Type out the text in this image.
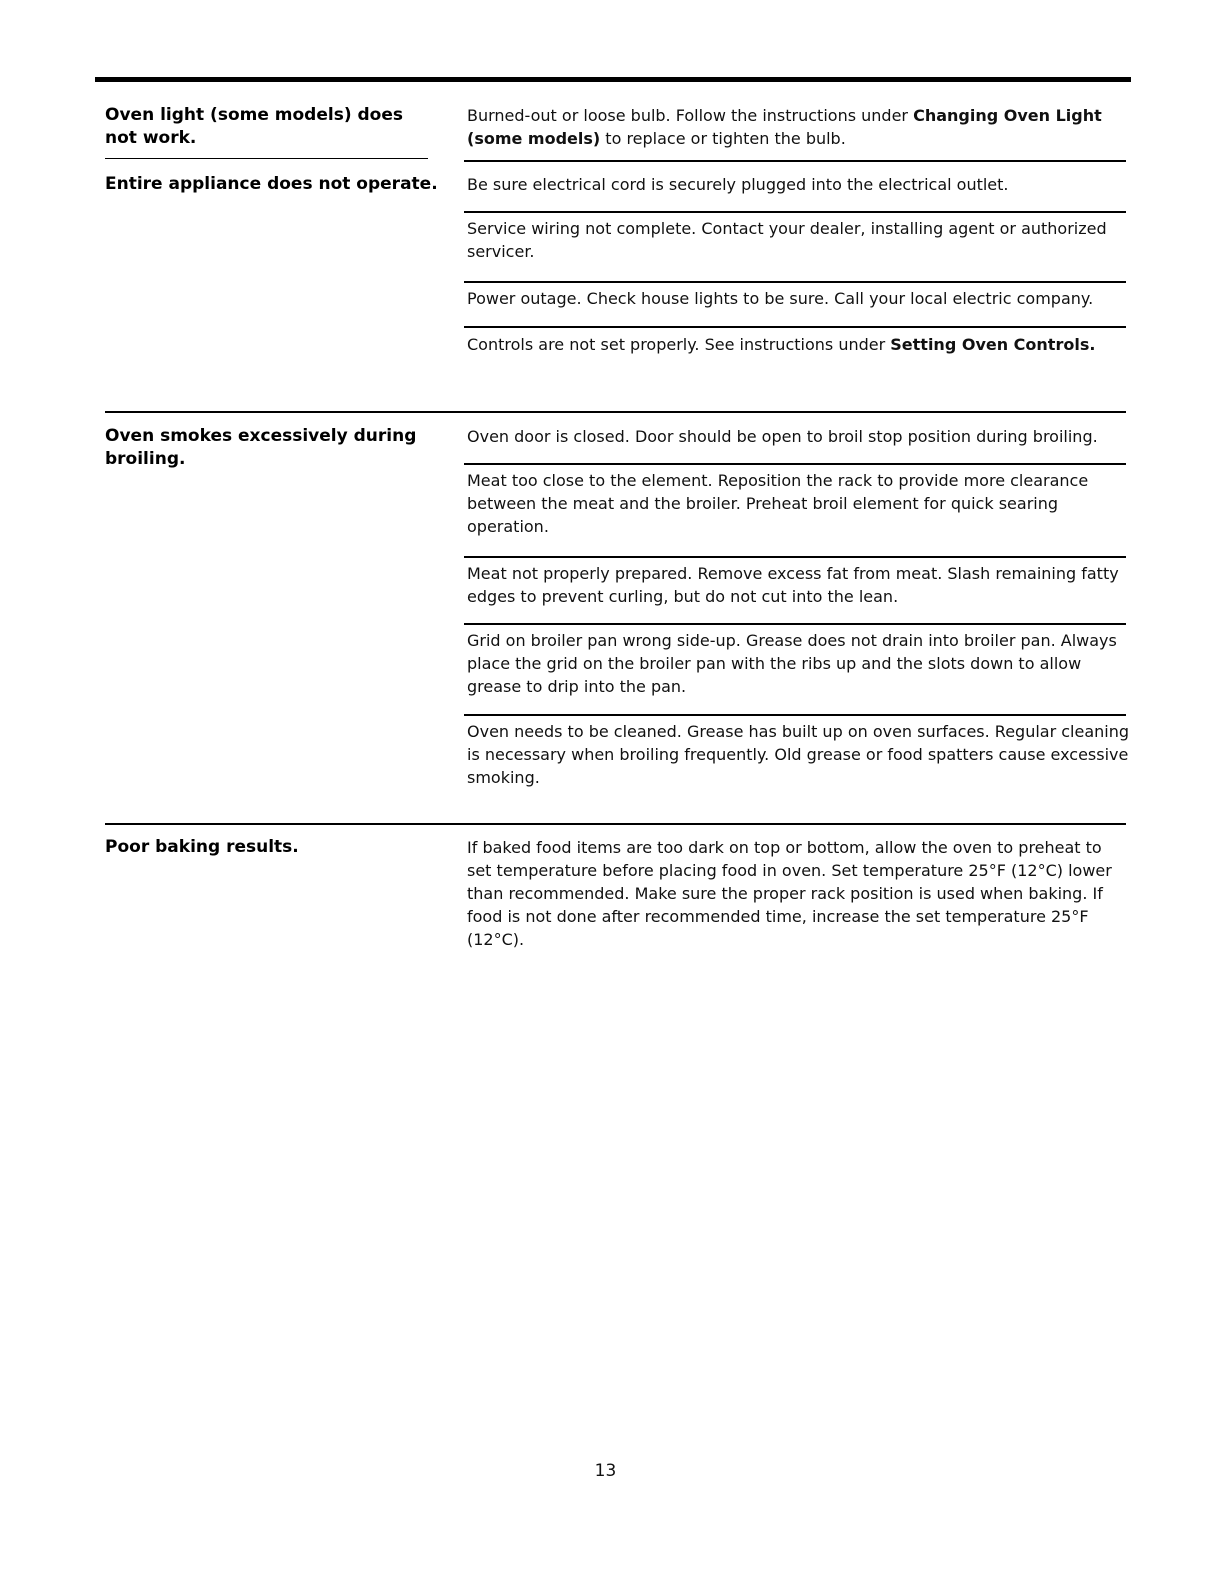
Oven light (some models) does not work.
Burned-out or loose bulb. Follow the instructions under Changing Oven Light (some models) to replace or tighten the bulb.
Entire appliance does not operate. Be sure electrical cord is securely plugged into the electrical outlet.
Service wiring not complete. Contact your dealer, installing agent or authorized servicer.
Power outage. Check house lights to be sure. Call your local electric company.
Controls are not set properly. See instructions under Setting Oven Controls.
Oven smokes excessively during broiling.
Oven door is closed. Door should be open to broil stop position during broiling.
Meat too close to the element. Reposition the rack to provide more clearance between the meat and the broiler. Preheat broil element for quick searing operation.
Meat not properly prepared. Remove excess fat from meat. Slash remaining fatty edges to prevent curling, but do not cut into the lean.
Grid on broiler pan wrong side-up. Grease does not drain into broiler pan. Always place the grid on the broiler pan with the ribs up and the slots down to allow grease to drip into the pan.
Oven needs to be cleaned. Grease has built up on oven surfaces. Regular cleaning is necessary when broiling frequently. Old grease or food spatters cause excessive smoking.
Poor baking results.	If baked food items are too dark on top or bottom, allow the oven to preheat to set temperature before placing food in oven. Set temperature 25°F (12°C) lower than recommended. Make sure the proper rack position is used when baking. If food is not done after recommended time, increase the set temperature 25°F (12°C).
13
